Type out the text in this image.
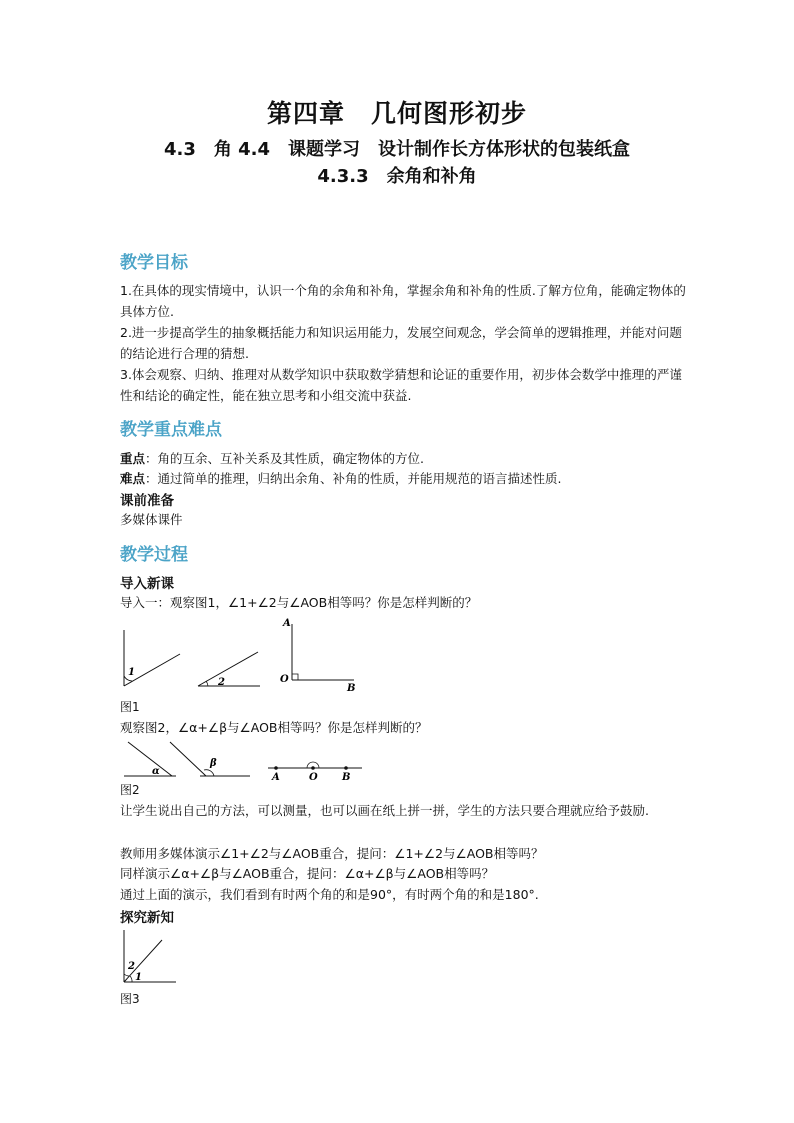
第四章　几何图形初步
4.3　角 4.4　课题学习　设计制作长方体形状的包装纸盒
4.3.3　余角和补角
教学目标
1.在具体的现实情境中，认识一个角的余角和补角，掌握余角和补角的性质.了解方位角，能确定物体的具体方位.
2.进一步提高学生的抽象概括能力和知识运用能力，发展空间观念，学会简单的逻辑推理，并能对问题的结论进行合理的猜想.
3.体会观察、归纳、推理对从数学知识中获取数学猜想和论证的重要作用，初步体会数学中推理的严谨性和结论的确定性，能在独立思考和小组交流中获益.
教学重点难点
重点：角的互余、互补关系及其性质，确定物体的方位.
难点：通过简单的推理，归纳出余角、补角的性质，并能用规范的语言描述性质.
课前准备
多媒体课件
教学过程
导入新课
导入一：观察图1，∠1+∠2与∠AOB相等吗？你是怎样判断的？
1
2
A
O
B
图1
观察图2，∠α+∠β与∠AOB相等吗？你是怎样判断的？
α
β
A	O B
图2
让学生说出自己的方法，可以测量，也可以画在纸上拼一拼，学生的方法只要合理就应给予鼓励.
教师用多媒体演示∠1+∠2与∠AOB重合，提问：∠1+∠2与∠AOB相等吗？
同样演示∠α+∠β与∠AOB重合，提问：∠α+∠β与∠AOB相等吗？
通过上面的演示，我们看到有时两个角的和是90°，有时两个角的和是180°.
探究新知
2
1
图3
